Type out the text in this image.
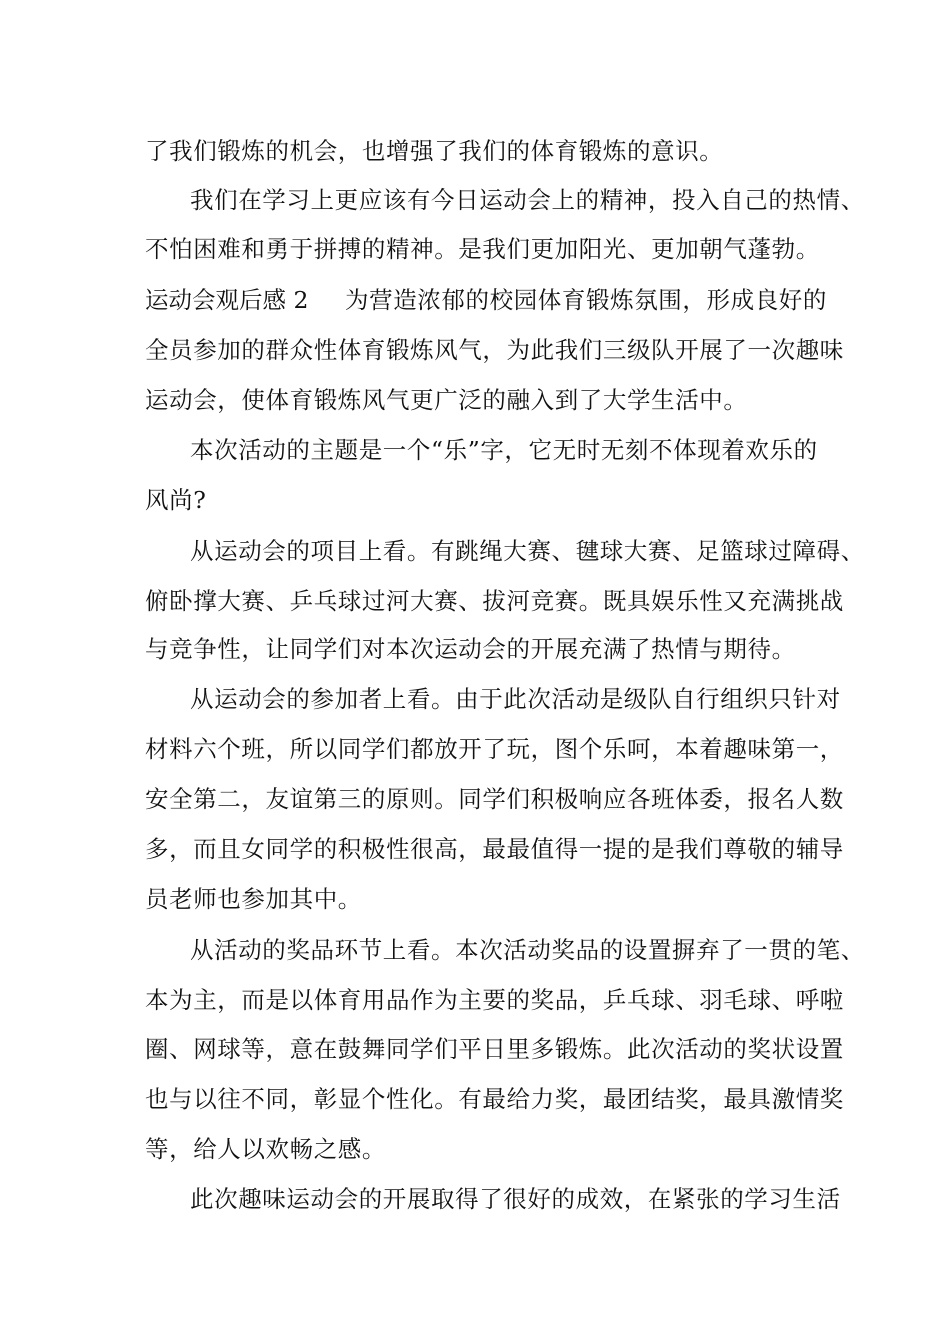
了我们锻炼的机会，也增强了我们的体育锻炼的意识。
我们在学习上更应该有今日运动会上的精神，投入自己的热情、
不怕困难和勇于拼搏的精神。是我们更加阳光、更加朝气蓬勃。
运动会观后感 2 为营造浓郁的校园体育锻炼氛围，形成良好的
全员参加的群众性体育锻炼风气，为此我们三级队开展了一次趣味
运动会，使体育锻炼风气更广泛的融入到了大学生活中。
本次活动的主题是一个“乐”字，它无时无刻不体现着欢乐的
风尚?
从运动会的项目上看。有跳绳大赛、毽球大赛、足篮球过障碍、
俯卧撑大赛、乒乓球过河大赛、拔河竞赛。既具娱乐性又充满挑战
与竞争性，让同学们对本次运动会的开展充满了热情与期待。
从运动会的参加者上看。由于此次活动是级队自行组织只针对
材料六个班，所以同学们都放开了玩，图个乐呵，本着趣味第一，
安全第二，友谊第三的原则。同学们积极响应各班体委，报名人数
多，而且女同学的积极性很高，最最值得一提的是我们尊敬的辅导
员老师也参加其中。
从活动的奖品环节上看。本次活动奖品的设置摒弃了一贯的笔、
本为主，而是以体育用品作为主要的奖品，乒乓球、羽毛球、呼啦
圈、网球等，意在鼓舞同学们平日里多锻炼。此次活动的奖状设置
也与以往不同，彰显个性化。有最给力奖，最团结奖，最具激情奖
等，给人以欢畅之感。
此次趣味运动会的开展取得了很好的成效，在紧张的学习生活
